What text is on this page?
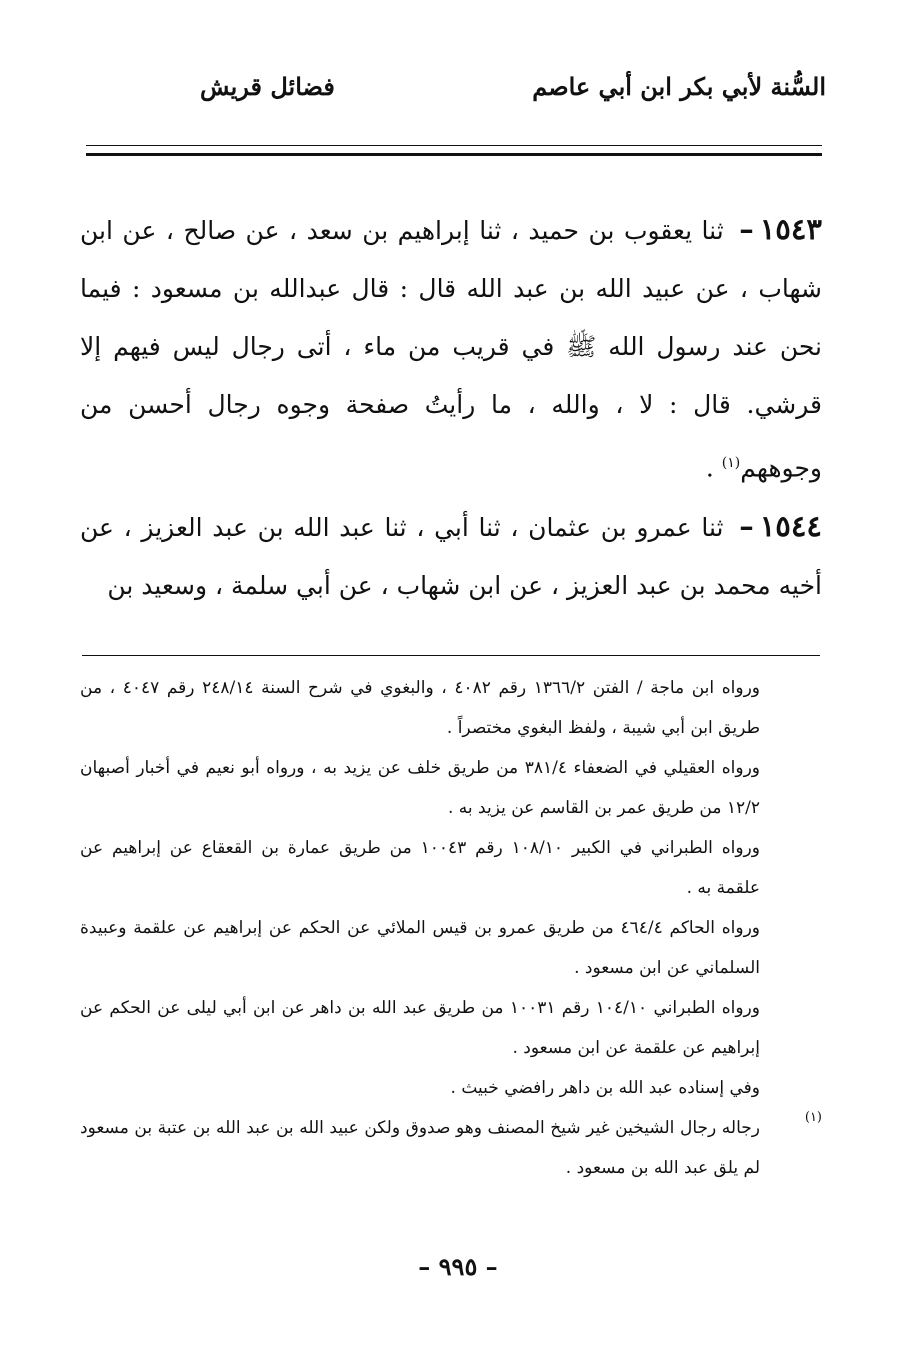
فضائل قريش	السُّنة لأبي بكر ابن أبي عاصم

١٥٤٣– ثنا يعقوب بن حميد ، ثنا إبراهيم بن سعد ، عن صالح ، عن ابن شهاب ، عن عبيد الله بن عبد الله قال : قال عبدالله بن مسعود : فيما نحن عند رسول الله ﷺ في قريب من ماء ، أتى رجال ليس فيهم إلا قرشي. قال : لا ، والله ، ما رأيتُ صفحة وجوه رجال أحسن من وجوههم$^{(١)}$ .

١٥٤٤– ثنا عمرو بن عثمان ، ثنا أبي ، ثنا عبد الله بن عبد العزيز ، عن أخيه محمد بن عبد العزيز ، عن ابن شهاب ، عن أبي سلمة ، وسعيد بن

ورواه ابن ماجة / الفتن ١٣٦٦/٢ رقم ٤٠٨٢ ، والبغوي في شرح السنة ٢٤٨/١٤ رقم ٤٠٤٧ ، من طريق ابن أبي شيبة ، ولفظ البغوي مختصراً .

ورواه العقيلي في الضعفاء ٣٨١/٤ من طريق خلف عن يزيد به ، ورواه أبو نعيم في أخبار أصبهان ١٢/٢ من طريق عمر بن القاسم عن يزيد به .

ورواه الطبراني في الكبير ١٠٨/١٠ رقم ١٠٠٤٣ من طريق عمارة بن القعقاع عن إبراهيم عن علقمة به .

ورواه الحاكم ٤٦٤/٤ من طريق عمرو بن قيس الملائي عن الحكم عن إبراهيم عن علقمة وعبيدة السلماني عن ابن مسعود .

ورواه الطبراني ١٠٤/١٠ رقم ١٠٠٣١ من طريق عبد الله بن داهر عن ابن أبي ليلى عن الحكم عن إبراهيم عن علقمة عن ابن مسعود .

وفي إسناده عبد الله بن داهر رافضي خبيث .

(١)

رجاله رجال الشيخين غير شيخ المصنف وهو صدوق ولكن عبيد الله بن عبد الله بن عتبة بن مسعود لم يلق عبد الله بن مسعود .

– ٩٩٥ –
